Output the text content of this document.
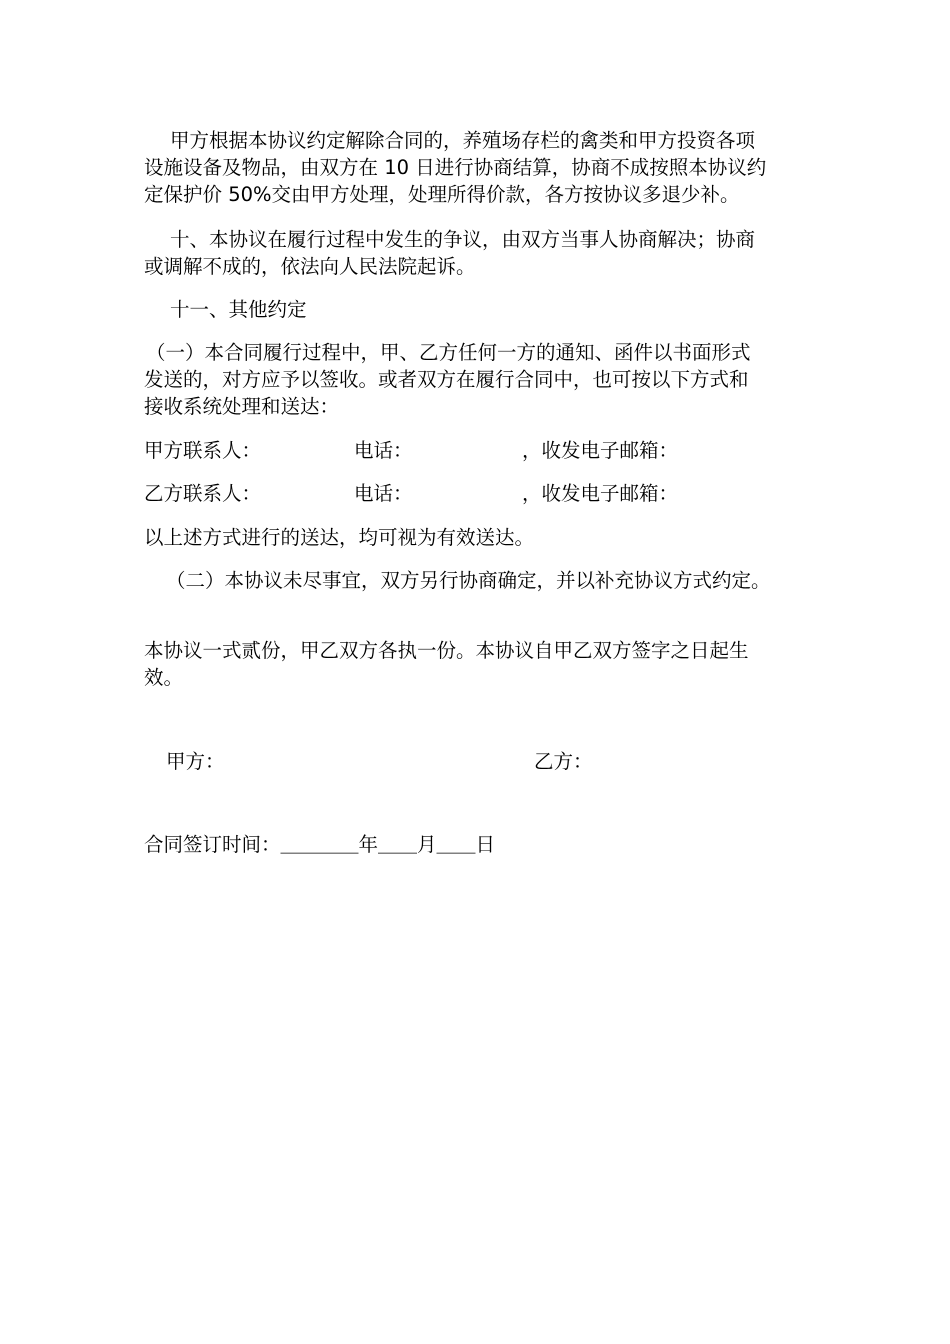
甲方根据本协议约定解除合同的，养殖场存栏的禽类和甲方投资各项
设施设备及物品，由双方在 10 日进行协商结算，协商不成按照本协议约
定保护价 50%交由甲方处理，处理所得价款，各方按协议多退少补。
十、本协议在履行过程中发生的争议，由双方当事人协商解决；协商
或调解不成的，依法向人民法院起诉。
十一、其他约定
（一）本合同履行过程中，甲、乙方任何一方的通知、函件以书面形式
发送的，对方应予以签收。或者双方在履行合同中，也可按以下方式和
接收系统处理和送达：
甲方联系人：	电话：	，收发电子邮箱：
乙方联系人：	电话：	，收发电子邮箱：
以上述方式进行的送达，均可视为有效送达。
（二）本协议未尽事宜，双方另行协商确定，并以补充协议方式约定。
本协议一式贰份，甲乙双方各执一份。本协议自甲乙双方签字之日起生
效。
甲方：	乙方：
合同签订时间：＿＿＿＿年＿＿月＿＿日
